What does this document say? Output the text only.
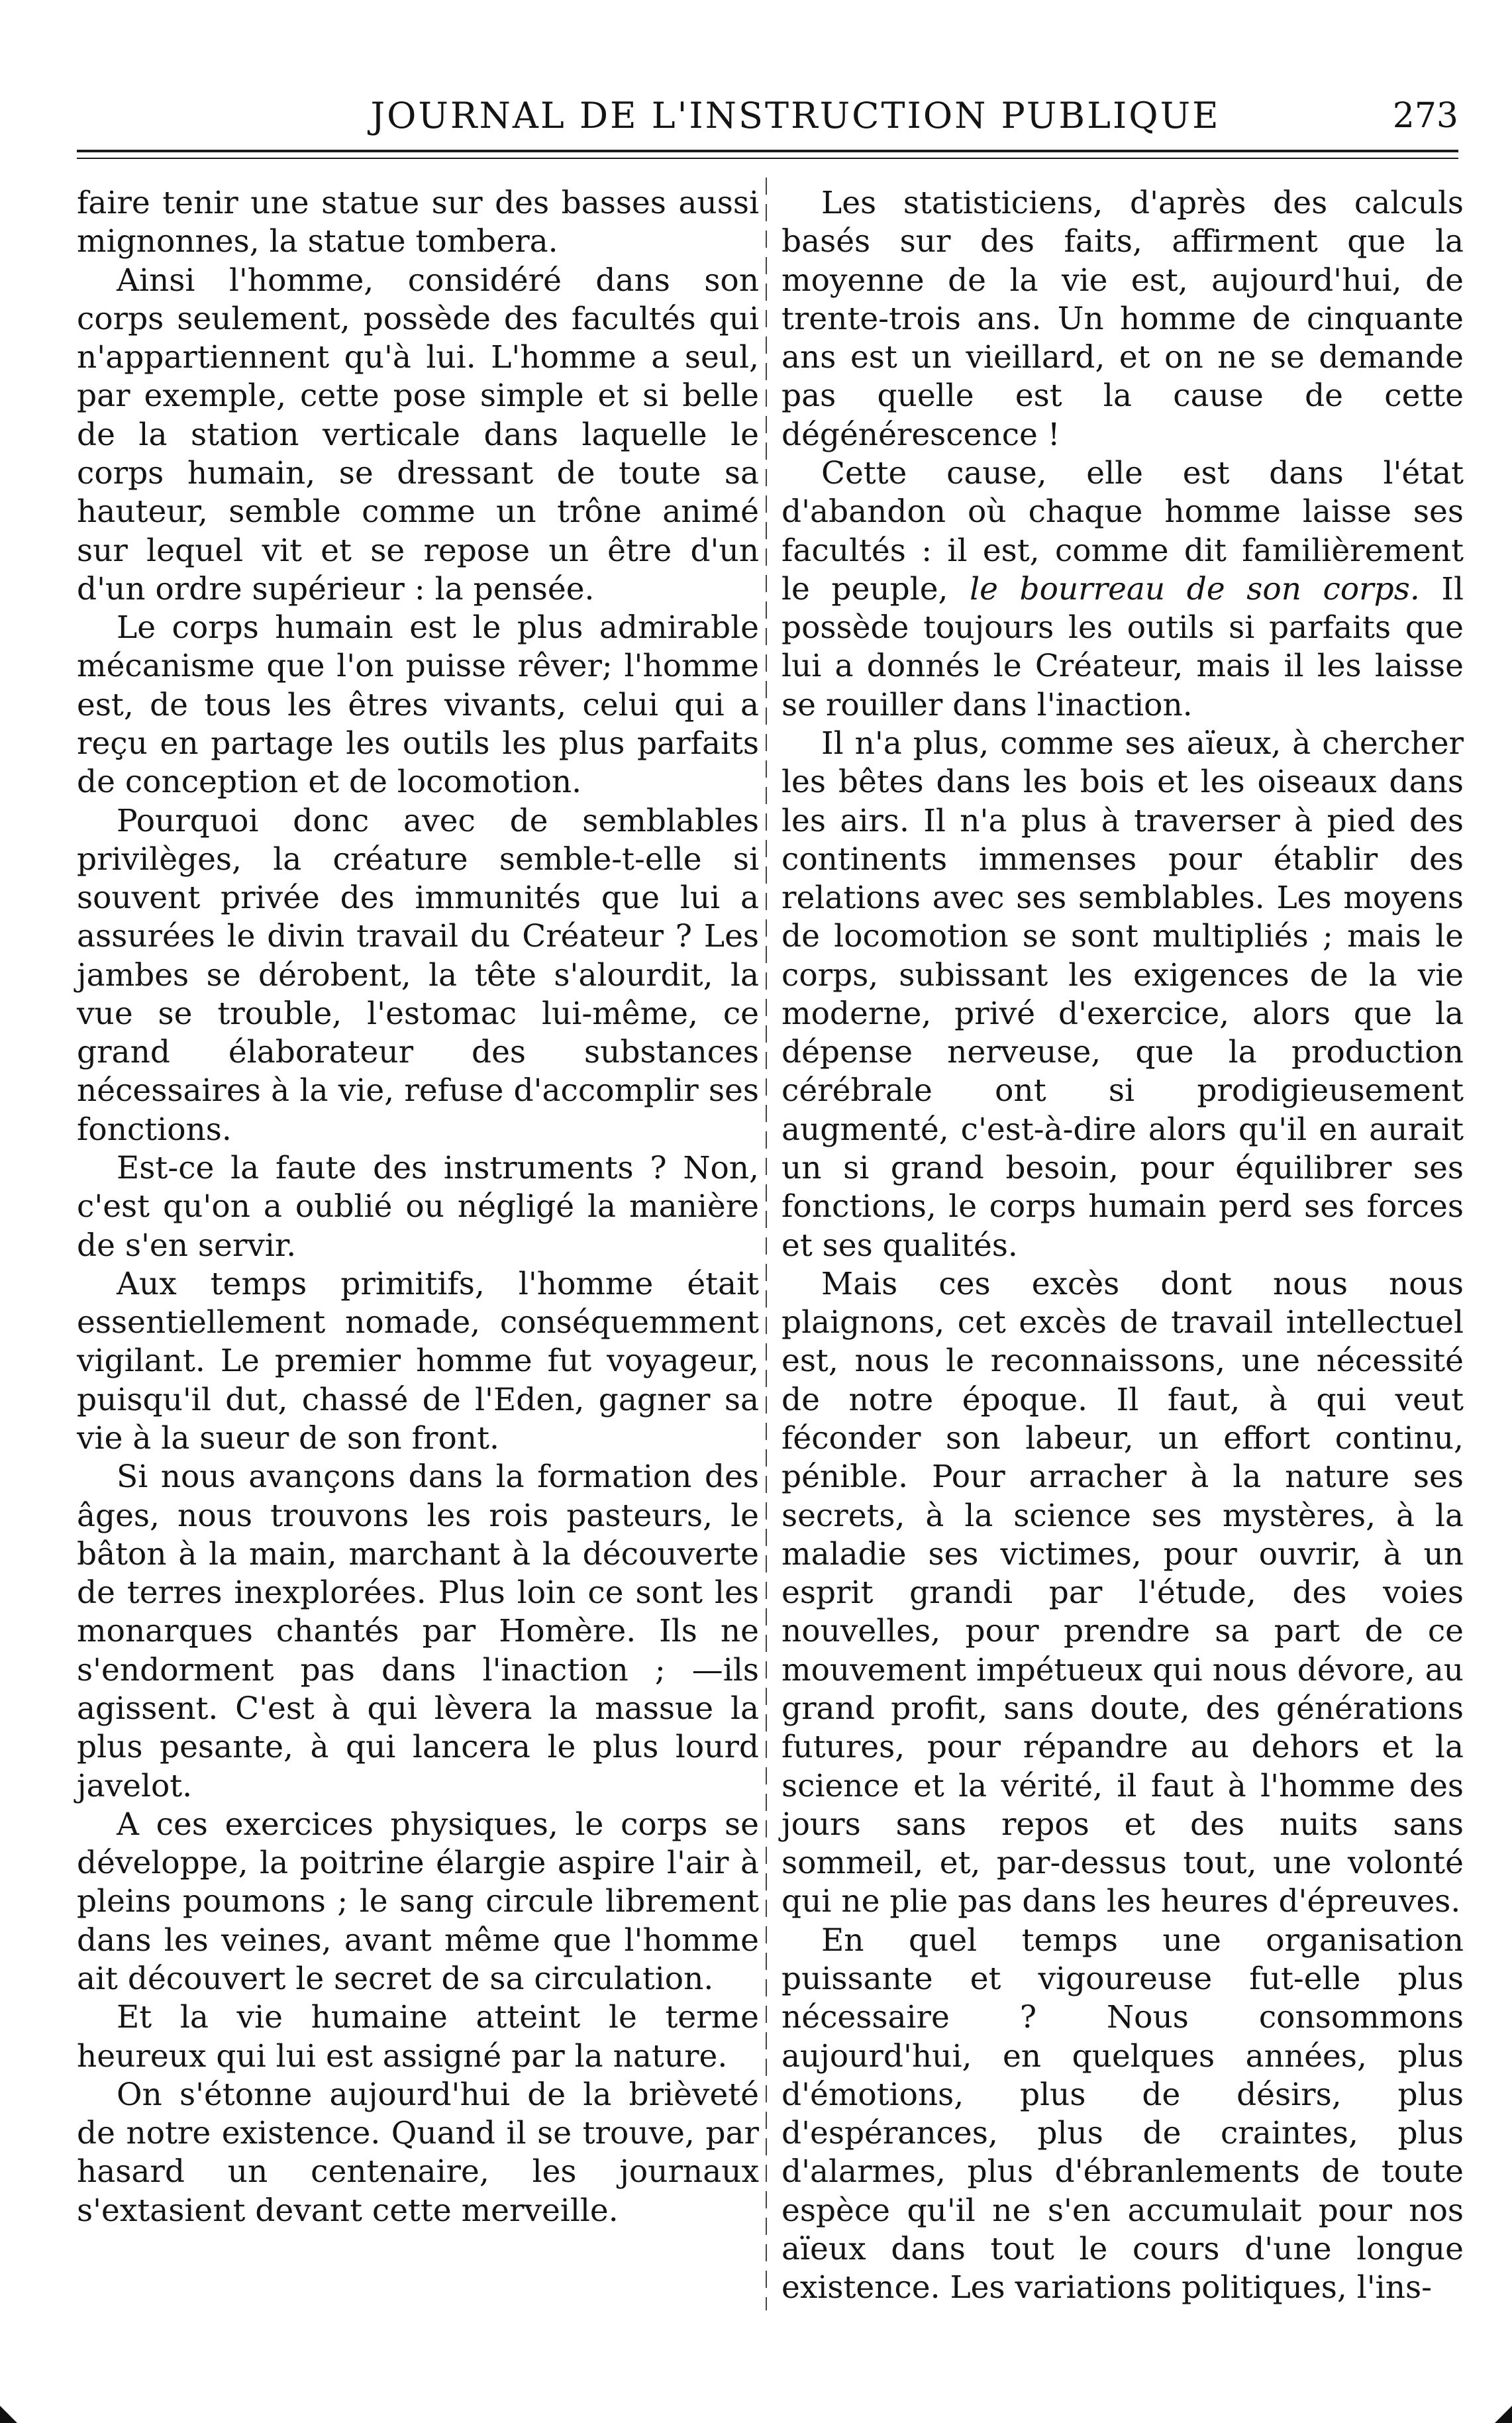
JOURNAL DE L'INSTRUCTION PUBLIQUE	273

faire tenir une statue sur des basses aussi mignonnes, la statue tombera.

Ainsi l'homme, considéré dans son corps seulement, possède des facultés qui n'appartiennent qu'à lui. L'homme a seul, par exemple, cette pose simple et si belle de la station verticale dans laquelle le corps humain, se dressant de toute sa hauteur, semble comme un trône animé sur lequel vit et se repose un être d'un d'un ordre supérieur : la pensée.

Le corps humain est le plus admirable mécanisme que l'on puisse rêver; l'homme est, de tous les êtres vivants, celui qui a reçu en partage les outils les plus parfaits de conception et de locomotion.

Pourquoi donc avec de semblables privilèges, la créature semble-t-elle si souvent privée des immunités que lui a assurées le divin travail du Créateur ? Les jambes se dérobent, la tête s'alourdit, la vue se trouble, l'estomac lui-même, ce grand élaborateur des substances nécessaires à la vie, refuse d'accomplir ses fonctions.

Est-ce la faute des instruments ? Non, c'est qu'on a oublié ou négligé la manière de s'en servir.

Aux temps primitifs, l'homme était essentiellement nomade, conséquemment vigilant. Le premier homme fut voyageur, puisqu'il dut, chassé de l'Eden, gagner sa vie à la sueur de son front.

Si nous avançons dans la formation des âges, nous trouvons les rois pasteurs, le bâton à la main, marchant à la découverte de terres inexplorées. Plus loin ce sont les monarques chantés par Homère. Ils ne s'endorment pas dans l'inaction ; —ils agissent. C'est à qui lèvera la massue la plus pesante, à qui lancera le plus lourd javelot.

A ces exercices physiques, le corps se développe, la poitrine élargie aspire l'air à pleins poumons ; le sang circule librement dans les veines, avant même que l'homme ait découvert le secret de sa circulation.

Et la vie humaine atteint le terme heureux qui lui est assigné par la nature.

On s'étonne aujourd'hui de la brièveté de notre existence. Quand il se trouve, par hasard un centenaire, les journaux s'extasient devant cette merveille.

Les statisticiens, d'après des calculs basés sur des faits, affirment que la moyenne de la vie est, aujourd'hui, de trente-trois ans. Un homme de cinquante ans est un vieillard, et on ne se demande pas quelle est la cause de cette dégénérescence !

Cette cause, elle est dans l'état d'abandon où chaque homme laisse ses facultés : il est, comme dit familièrement le peuple, le bourreau de son corps. Il possède toujours les outils si parfaits que lui a donnés le Créateur, mais il les laisse se rouiller dans l'inaction.

Il n'a plus, comme ses aïeux, à chercher les bêtes dans les bois et les oiseaux dans les airs. Il n'a plus à traverser à pied des continents immenses pour établir des relations avec ses semblables. Les moyens de locomotion se sont multipliés ; mais le corps, subissant les exigences de la vie moderne, privé d'exercice, alors que la dépense nerveuse, que la production cérébrale ont si prodigieusement augmenté, c'est-à-dire alors qu'il en aurait un si grand besoin, pour équilibrer ses fonctions, le corps humain perd ses forces et ses qualités.

Mais ces excès dont nous nous plaignons, cet excès de travail intellectuel est, nous le reconnaissons, une nécessité de notre époque. Il faut, à qui veut féconder son labeur, un effort continu, pénible. Pour arracher à la nature ses secrets, à la science ses mystères, à la maladie ses victimes, pour ouvrir, à un esprit grandi par l'étude, des voies nouvelles, pour prendre sa part de ce mouvement impétueux qui nous dévore, au grand profit, sans doute, des générations futures, pour répandre au dehors et la science et la vérité, il faut à l'homme des jours sans repos et des nuits sans sommeil, et, par-dessus tout, une volonté qui ne plie pas dans les heures d'épreuves.

En quel temps une organisation puissante et vigoureuse fut-elle plus nécessaire ? Nous consommons aujourd'hui, en quelques années, plus d'émotions, plus de désirs, plus d'espérances, plus de craintes, plus d'alarmes, plus d'ébranlements de toute espèce qu'il ne s'en accumulait pour nos aïeux dans tout le cours d'une longue existence. Les variations politiques, l'ins-
